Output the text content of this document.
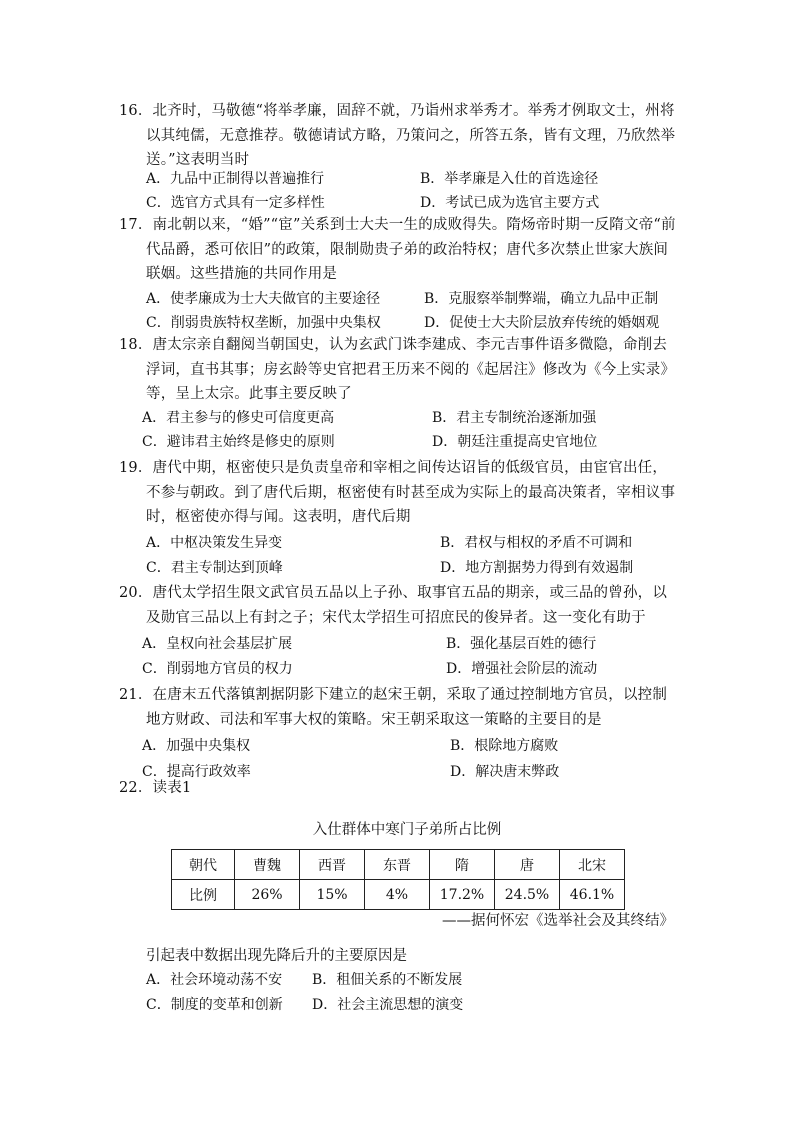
16．北齐时，马敬德“将举孝廉，固辞不就，乃诣州求举秀才。举秀才例取文士，州将以其纯儒，无意推荐。敬德请试方略，乃策问之，所答五条，皆有文理，乃欣然举送。”这表明当时

A．九品中正制得以普遍推行	B．举孝廉是入仕的首选途径
C．选官方式具有一定多样性	D．考试已成为选官主要方式

17．南北朝以来，“婚”“宦”关系到士大夫一生的成败得失。隋炀帝时期一反隋文帝“前代品爵，悉可依旧”的政策，限制勋贵子弟的政治特权；唐代多次禁止世家大族间联姻。这些措施的共同作用是

A．使孝廉成为士大夫做官的主要途径	B．克服察举制弊端，确立九品中正制
C．削弱贵族特权垄断，加强中央集权	D．促使士大夫阶层放弃传统的婚姻观

18．唐太宗亲自翻阅当朝国史，认为玄武门诛李建成、李元吉事件语多微隐，命削去浮词，直书其事；房玄龄等史官把君王历来不阅的《起居注》修改为《今上实录》等，呈上太宗。此事主要反映了

A．君主参与的修史可信度更高	B．君主专制统治逐渐加强
C．避讳君主始终是修史的原则	D．朝廷注重提高史官地位

19．唐代中期，枢密使只是负责皇帝和宰相之间传达诏旨的低级官员，由宦官出任，不参与朝政。到了唐代后期，枢密使有时甚至成为实际上的最高决策者，宰相议事时，枢密使亦得与闻。这表明，唐代后期

A．中枢决策发生异变	B．君权与相权的矛盾不可调和
C．君主专制达到顶峰	D．地方割据势力得到有效遏制

20．唐代太学招生限文武官员五品以上子孙、取事官五品的期亲，或三品的曾孙，以及勋官三品以上有封之子；宋代太学招生可招庶民的俊异者。这一变化有助于

A．皇权向社会基层扩展	B．强化基层百姓的德行
C．削弱地方官员的权力	D．增强社会阶层的流动

21．在唐末五代落镇割据阴影下建立的赵宋王朝，采取了通过控制地方官员，以控制地方财政、司法和军事大权的策略。宋王朝采取这一策略的主要目的是

A．加强中央集权	B．根除地方腐败
C．提高行政效率	D．解决唐末弊政

22．读表1

入仕群体中寒门子弟所占比例
朝代	曹魏	西晋	东晋	隋	唐	北宋
比例	26%	15%	4%	17.2%	24.5%	46.1%
——据何怀宏《选举社会及其终结》
引起表中数据出现先降后升的主要原因是
A．社会环境动荡不安 B．租佃关系的不断发展
C．制度的变革和创新 D．社会主流思想的演变
